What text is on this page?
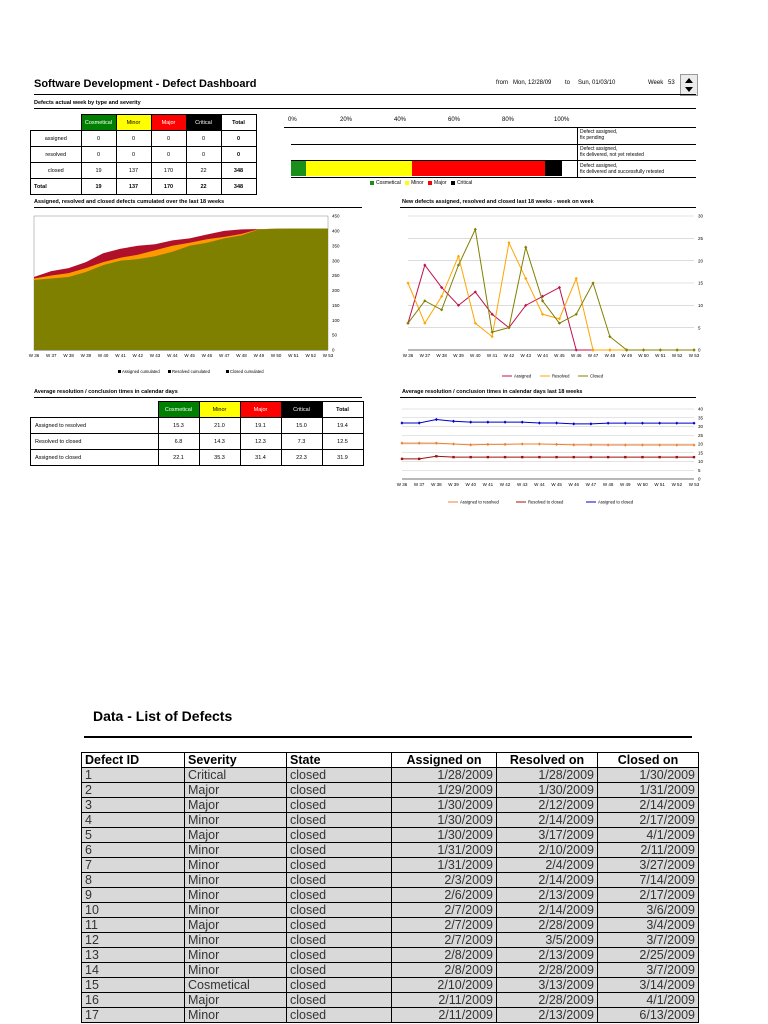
Software Development - Defect Dashboard	from Mon, 12/28/09 to Sun, 01/03/10	Week 53
Defects actual week by type and severity
	Cosmetical	Minor	Major	Critical	Total
assigned	0	0	0	0	0
resolved	0	0	0	0	0
closed	19	137	170	22	348
Total	19	137	170	22	348
0%	20%	40%	60%	80%	100%
Defect assigned,
fix pending
Defect assigned,
fix delivered, not yet retested
Defect assigned,
fix delivered and successfully retested
Cosmetical Minor Major Critical
Assigned, resolved and closed defects cumulated over the last 18 weeks
0
50
100
150
200
250
300
350
400
450
W 36 W 37 W 38 W 39 W 40 W 41 W 42 W 43 W 44 W 45 W 46 W 47 W 48 W 49 W 50 W 51 W 52 W 53
Assigned cumulated	Resolved cumulated	Closed cumulated
New defects assigned, resolved and closed last 18 weeks - week on week
0
5
10
15
20
25
30
W 36 W 37 W 38 W 39 W 40 W 41 W 42 W 43 W 44 W 45 W 46 W 47 W 48 W 49 W 50 W 51 W 52 W 53
Assigned	Resolved	Closed
Average resolution / conclusion times in calendar days
	Cosmetical	Minor	Major	Critical	Total
Assigned to resolved	15.3	21.0	19.1	15.0	19.4
Resolved to closed	6.8	14.3	12.3	7.3	12.5
Assigned to closed	22.1	35.3	31.4	22.3	31.9
Average resolution / conclusion times in calendar days last 18 weeks
0
5
10
15
20
25
30
35
40
W 36 W 37 W 38 W 39 W 40 W 41 W 42 W 43 W 44 W 45 W 46 W 47 W 48 W 49 W 50 W 51 W 52 W 53
Assigned to resolved	Resolved to closed	Assigned to closed
Data - List of Defects
Defect ID	Severity	State	Assigned on	Resolved on	Closed on
1	Critical	closed	1/28/2009	1/28/2009	1/30/2009
2	Major	closed	1/29/2009	1/30/2009	1/31/2009
3	Major	closed	1/30/2009	2/12/2009	2/14/2009
4	Minor	closed	1/30/2009	2/14/2009	2/17/2009
5	Major	closed	1/30/2009	3/17/2009	4/1/2009
6	Minor	closed	1/31/2009	2/10/2009	2/11/2009
7	Minor	closed	1/31/2009	2/4/2009	3/27/2009
8	Minor	closed	2/3/2009	2/14/2009	7/14/2009
9	Minor	closed	2/6/2009	2/13/2009	2/17/2009
10	Minor	closed	2/7/2009	2/14/2009	3/6/2009
11	Major	closed	2/7/2009	2/28/2009	3/4/2009
12	Minor	closed	2/7/2009	3/5/2009	3/7/2009
13	Minor	closed	2/8/2009	2/13/2009	2/25/2009
14	Minor	closed	2/8/2009	2/28/2009	3/7/2009
15	Cosmetical	closed	2/10/2009	3/13/2009	3/14/2009
16	Major	closed	2/11/2009	2/28/2009	4/1/2009
17	Minor	closed	2/11/2009	2/13/2009	6/13/2009
